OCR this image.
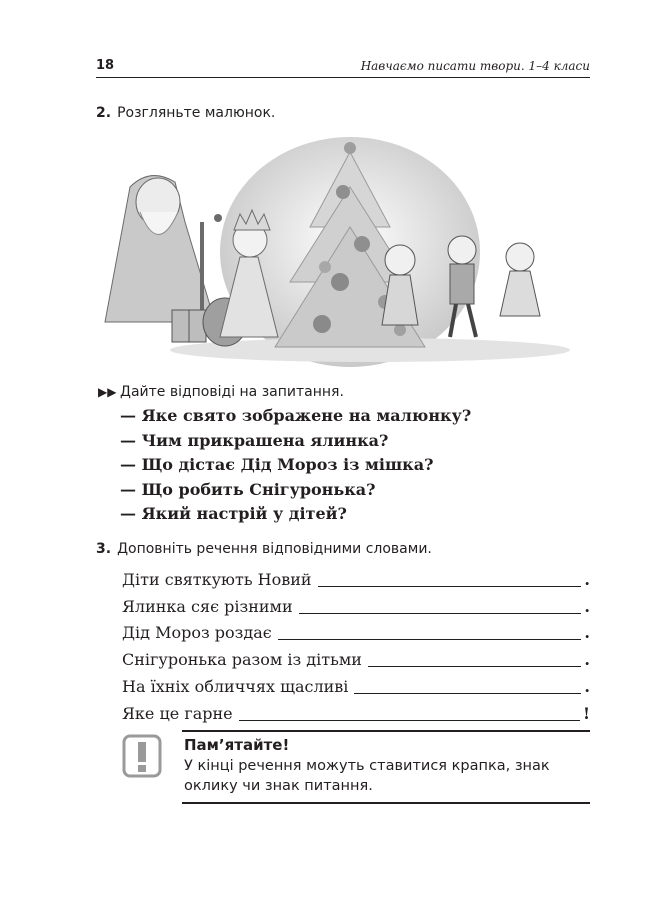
18	Навчаємо писати твори. 1–4 класи
2. Розгляньте малюнок.
▶▶ Дайте відповіді на запитання.
— Яке свято зображене на малюнку?
— Чим прикрашена ялинка?
— Що дістає Дід Мороз із мішка?
— Що робить Снігуронька?
— Який настрій у дітей?
3. Доповніть речення відповідними словами.
Діти святкують Новий	.
Ялинка сяє різними	.
Дід Мороз роздає	.
Снігуронька разом із дітьми	.
На їхніх обличчях щасливі	.
Яке це гарне	!
Пам’ятайте!
У кінці речення можуть ставитися крапка, знак оклику чи знак питання.
